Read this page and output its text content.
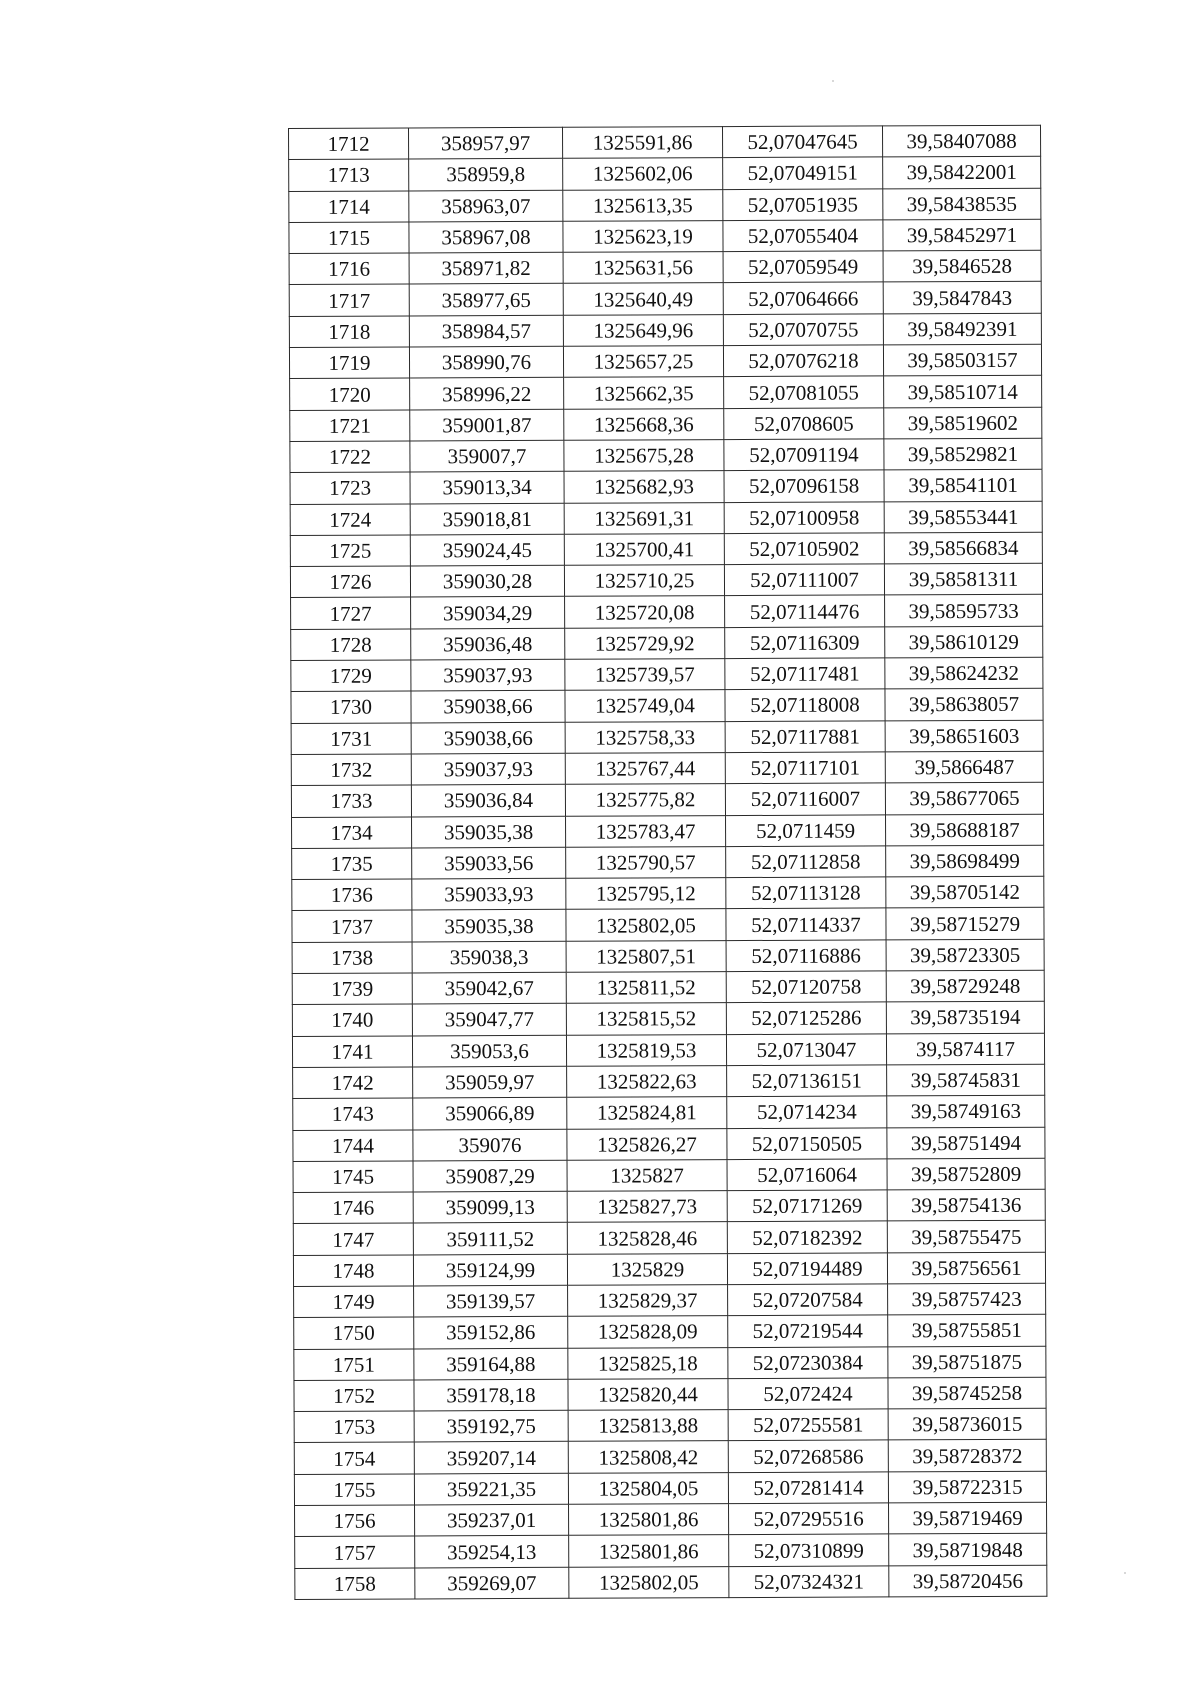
1712	358957,97	1325591,86	52,07047645	39,58407088
1713	358959,8	1325602,06	52,07049151	39,58422001
1714	358963,07	1325613,35	52,07051935	39,58438535
1715	358967,08	1325623,19	52,07055404	39,58452971
1716	358971,82	1325631,56	52,07059549	39,5846528
1717	358977,65	1325640,49	52,07064666	39,5847843
1718	358984,57	1325649,96	52,07070755	39,58492391
1719	358990,76	1325657,25	52,07076218	39,58503157
1720	358996,22	1325662,35	52,07081055	39,58510714
1721	359001,87	1325668,36	52,0708605	39,58519602
1722	359007,7	1325675,28	52,07091194	39,58529821
1723	359013,34	1325682,93	52,07096158	39,58541101
1724	359018,81	1325691,31	52,07100958	39,58553441
1725	359024,45	1325700,41	52,07105902	39,58566834
1726	359030,28	1325710,25	52,07111007	39,58581311
1727	359034,29	1325720,08	52,07114476	39,58595733
1728	359036,48	1325729,92	52,07116309	39,58610129
1729	359037,93	1325739,57	52,07117481	39,58624232
1730	359038,66	1325749,04	52,07118008	39,58638057
1731	359038,66	1325758,33	52,07117881	39,58651603
1732	359037,93	1325767,44	52,07117101	39,5866487
1733	359036,84	1325775,82	52,07116007	39,58677065
1734	359035,38	1325783,47	52,0711459	39,58688187
1735	359033,56	1325790,57	52,07112858	39,58698499
1736	359033,93	1325795,12	52,07113128	39,58705142
1737	359035,38	1325802,05	52,07114337	39,58715279
1738	359038,3	1325807,51	52,07116886	39,58723305
1739	359042,67	1325811,52	52,07120758	39,58729248
1740	359047,77	1325815,52	52,07125286	39,58735194
1741	359053,6	1325819,53	52,0713047	39,5874117
1742	359059,97	1325822,63	52,07136151	39,58745831
1743	359066,89	1325824,81	52,0714234	39,58749163
1744	359076	1325826,27	52,07150505	39,58751494
1745	359087,29	1325827	52,0716064	39,58752809
1746	359099,13	1325827,73	52,07171269	39,58754136
1747	359111,52	1325828,46	52,07182392	39,58755475
1748	359124,99	1325829	52,07194489	39,58756561
1749	359139,57	1325829,37	52,07207584	39,58757423
1750	359152,86	1325828,09	52,07219544	39,58755851
1751	359164,88	1325825,18	52,07230384	39,58751875
1752	359178,18	1325820,44	52,072424	39,58745258
1753	359192,75	1325813,88	52,07255581	39,58736015
1754	359207,14	1325808,42	52,07268586	39,58728372
1755	359221,35	1325804,05	52,07281414	39,58722315
1756	359237,01	1325801,86	52,07295516	39,58719469
1757	359254,13	1325801,86	52,07310899	39,58719848
1758	359269,07	1325802,05	52,07324321	39,58720456
